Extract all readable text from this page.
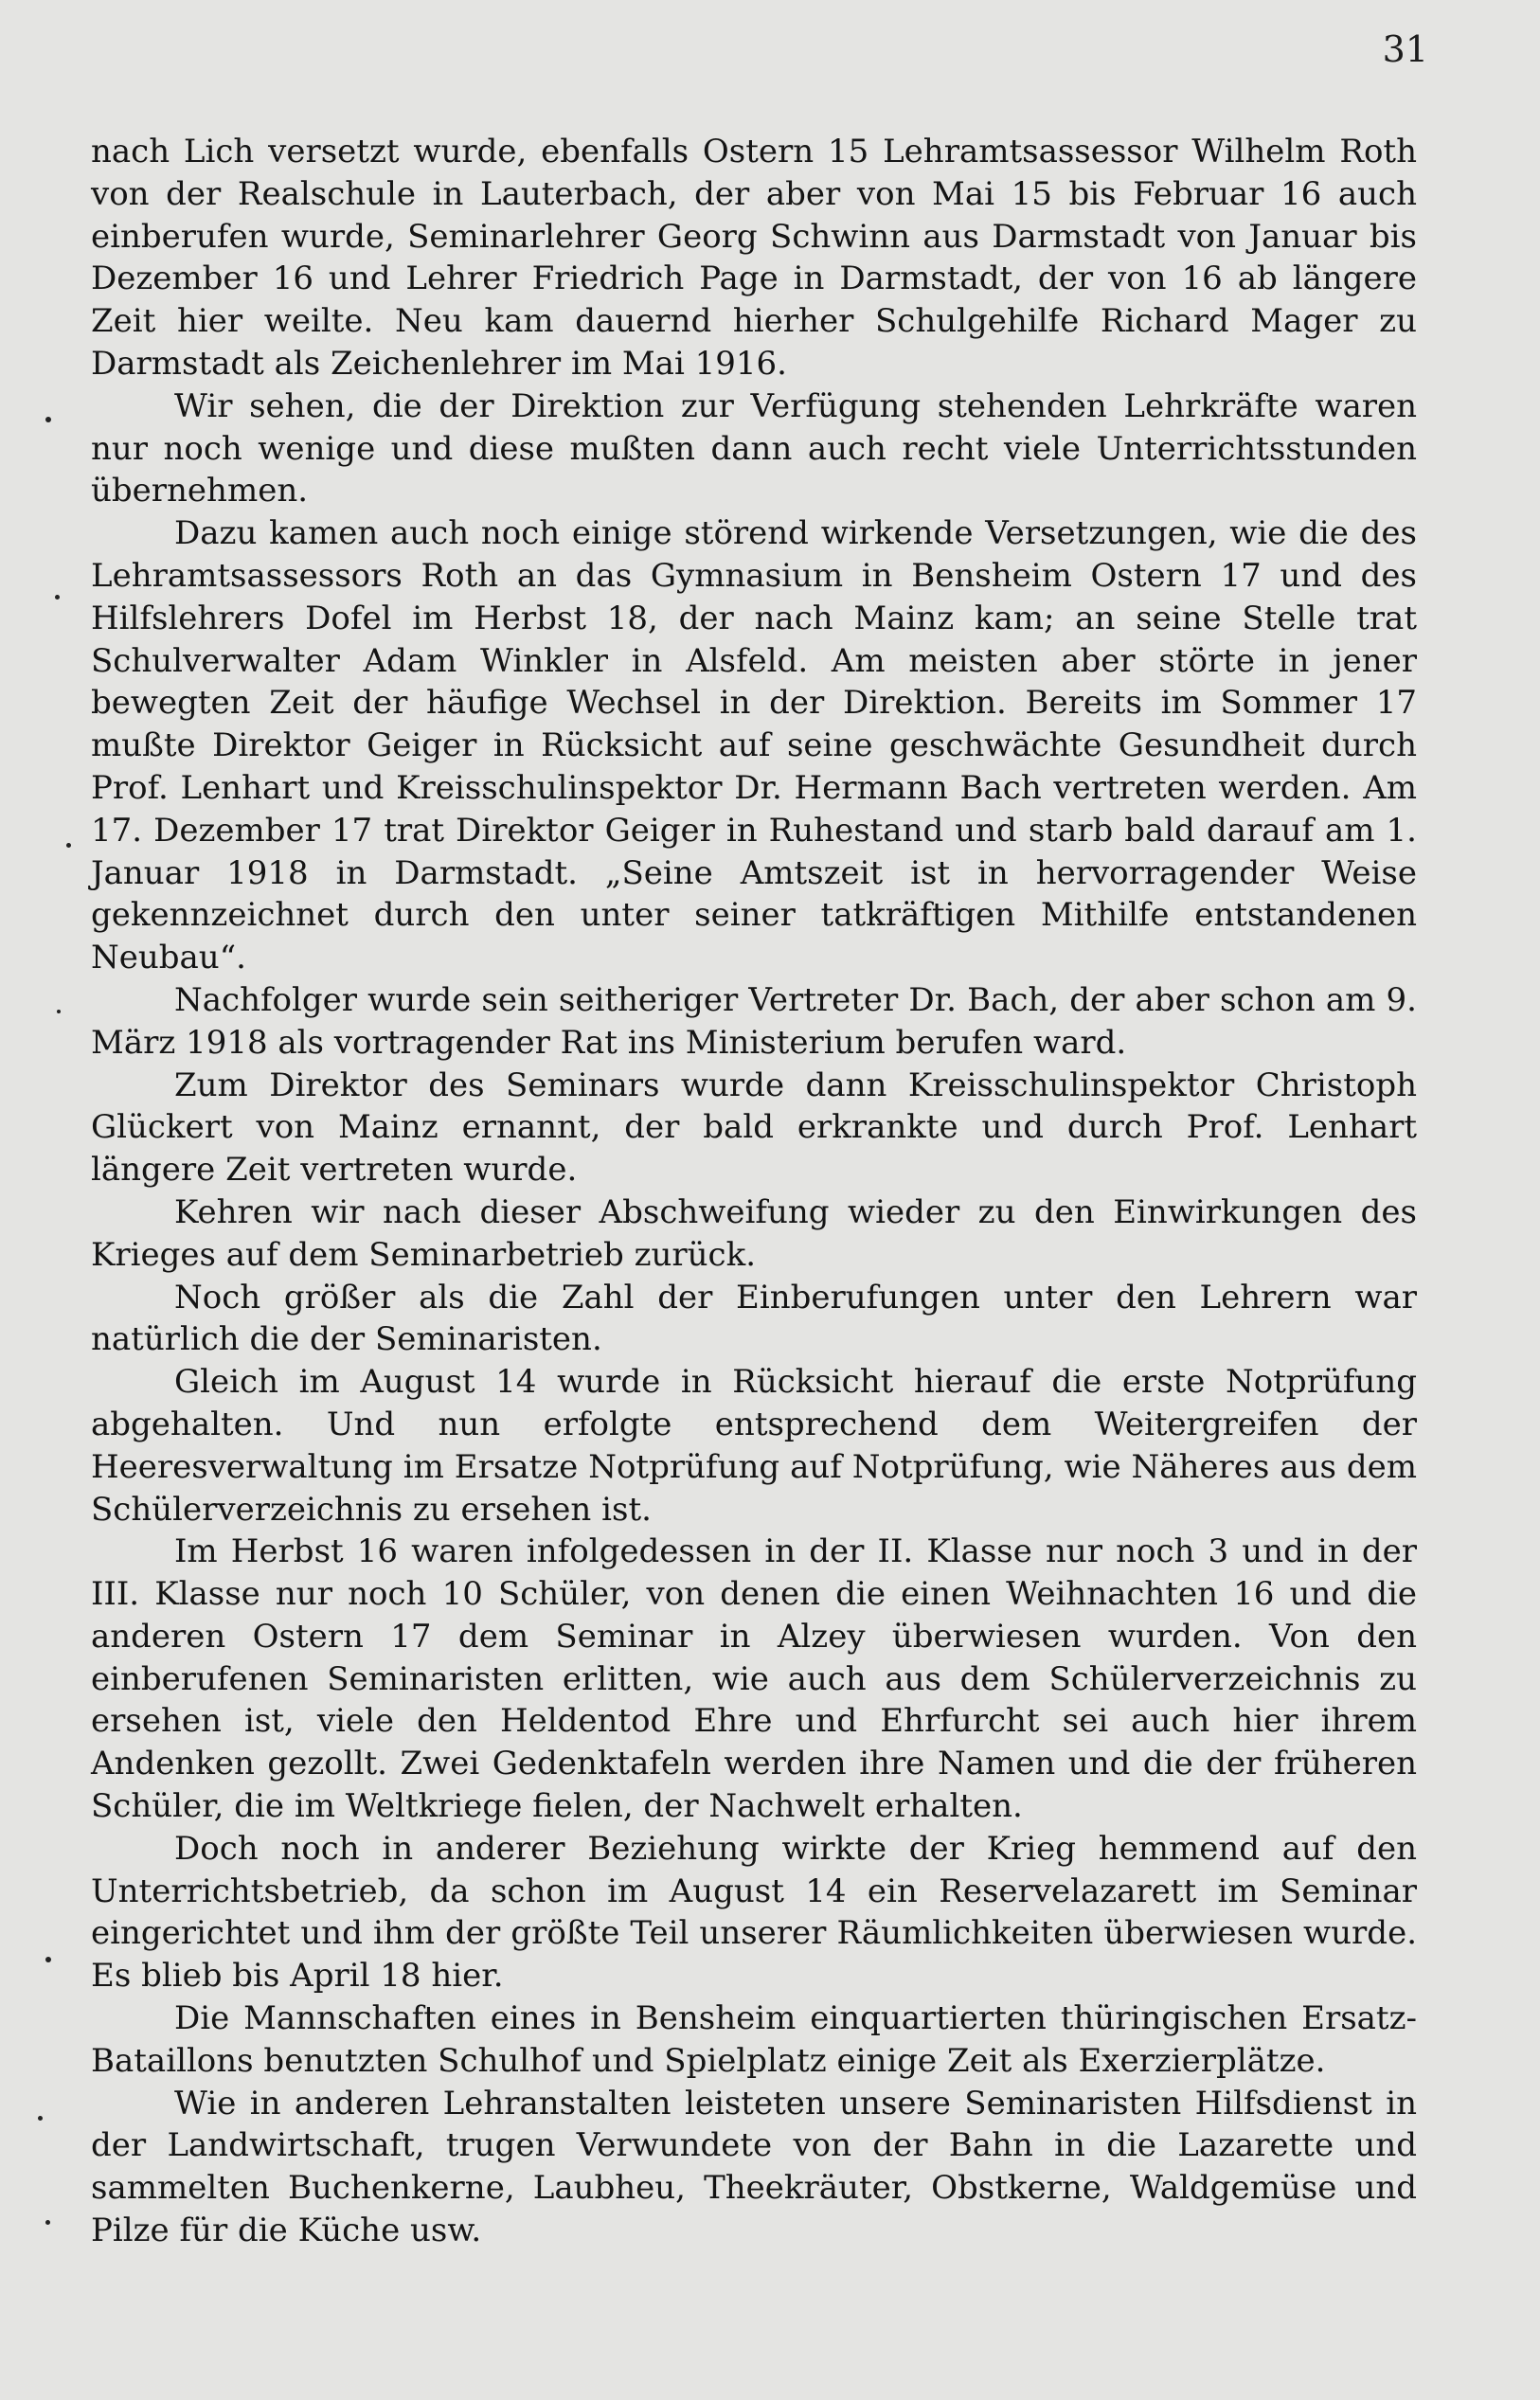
31

nach Lich versetzt wurde, ebenfalls Ostern 15 Lehramtsassessor Wilhelm Roth von der Realschule in Lauterbach, der aber von Mai 15 bis Februar 16 auch einberufen wurde, Seminarlehrer Georg Schwinn aus Darmstadt von Januar bis Dezember 16 und Lehrer Friedrich Page in Darmstadt, der von 16 ab längere Zeit hier weilte. Neu kam dauernd hierher Schulgehilfe Richard Mager zu Darmstadt als Zeichenlehrer im Mai 1916.

Wir sehen, die der Direktion zur Verfügung stehenden Lehrkräfte waren nur noch wenige und diese mußten dann auch recht viele Unterrichtsstunden übernehmen.

Dazu kamen auch noch einige störend wirkende Versetzungen, wie die des Lehramtsassessors Roth an das Gymnasium in Bensheim Ostern 17 und des Hilfslehrers Dofel im Herbst 18, der nach Mainz kam; an seine Stelle trat Schulverwalter Adam Winkler in Alsfeld. Am meisten aber störte in jener bewegten Zeit der häufige Wechsel in der Direktion. Bereits im Sommer 17 mußte Direktor Geiger in Rücksicht auf seine geschwächte Gesundheit durch Prof. Lenhart und Kreisschulinspektor Dr. Hermann Bach vertreten werden. Am 17. Dezember 17 trat Direktor Geiger in Ruhestand und starb bald darauf am 1. Januar 1918 in Darmstadt. „Seine Amtszeit ist in hervorragender Weise gekennzeichnet durch den unter seiner tatkräftigen Mithilfe entstandenen Neubau“.

Nachfolger wurde sein seitheriger Vertreter Dr. Bach, der aber schon am 9. März 1918 als vortragender Rat ins Ministerium berufen ward.

Zum Direktor des Seminars wurde dann Kreisschulinspektor Christoph Glückert von Mainz ernannt, der bald erkrankte und durch Prof. Lenhart längere Zeit vertreten wurde.

Kehren wir nach dieser Abschweifung wieder zu den Einwirkungen des Krieges auf dem Seminarbetrieb zurück.

Noch größer als die Zahl der Einberufungen unter den Lehrern war natürlich die der Seminaristen.

Gleich im August 14 wurde in Rücksicht hierauf die erste Notprüfung abgehalten. Und nun erfolgte entsprechend dem Weitergreifen der Heeresverwaltung im Ersatze Notprüfung auf Notprüfung, wie Näheres aus dem Schülerverzeichnis zu ersehen ist.

Im Herbst 16 waren infolgedessen in der II. Klasse nur noch 3 und in der III. Klasse nur noch 10 Schüler, von denen die einen Weihnachten 16 und die anderen Ostern 17 dem Seminar in Alzey überwiesen wurden. Von den einberufenen Seminaristen erlitten, wie auch aus dem Schülerverzeichnis zu ersehen ist, viele den Heldentod Ehre und Ehrfurcht sei auch hier ihrem Andenken gezollt. Zwei Gedenktafeln werden ihre Namen und die der früheren Schüler, die im Weltkriege fielen, der Nachwelt erhalten.

Doch noch in anderer Beziehung wirkte der Krieg hemmend auf den Unterrichtsbetrieb, da schon im August 14 ein Reservelazarett im Seminar eingerichtet und ihm der größte Teil unserer Räumlichkeiten überwiesen wurde. Es blieb bis April 18 hier.

Die Mannschaften eines in Bensheim einquartierten thüringischen Ersatz-Bataillons benutzten Schulhof und Spielplatz einige Zeit als Exerzierplätze.

Wie in anderen Lehranstalten leisteten unsere Seminaristen Hilfsdienst in der Landwirtschaft, trugen Verwundete von der Bahn in die Lazarette und sammelten Buchenkerne, Laubheu, Theekräuter, Obstkerne, Waldgemüse und Pilze für die Küche usw.
